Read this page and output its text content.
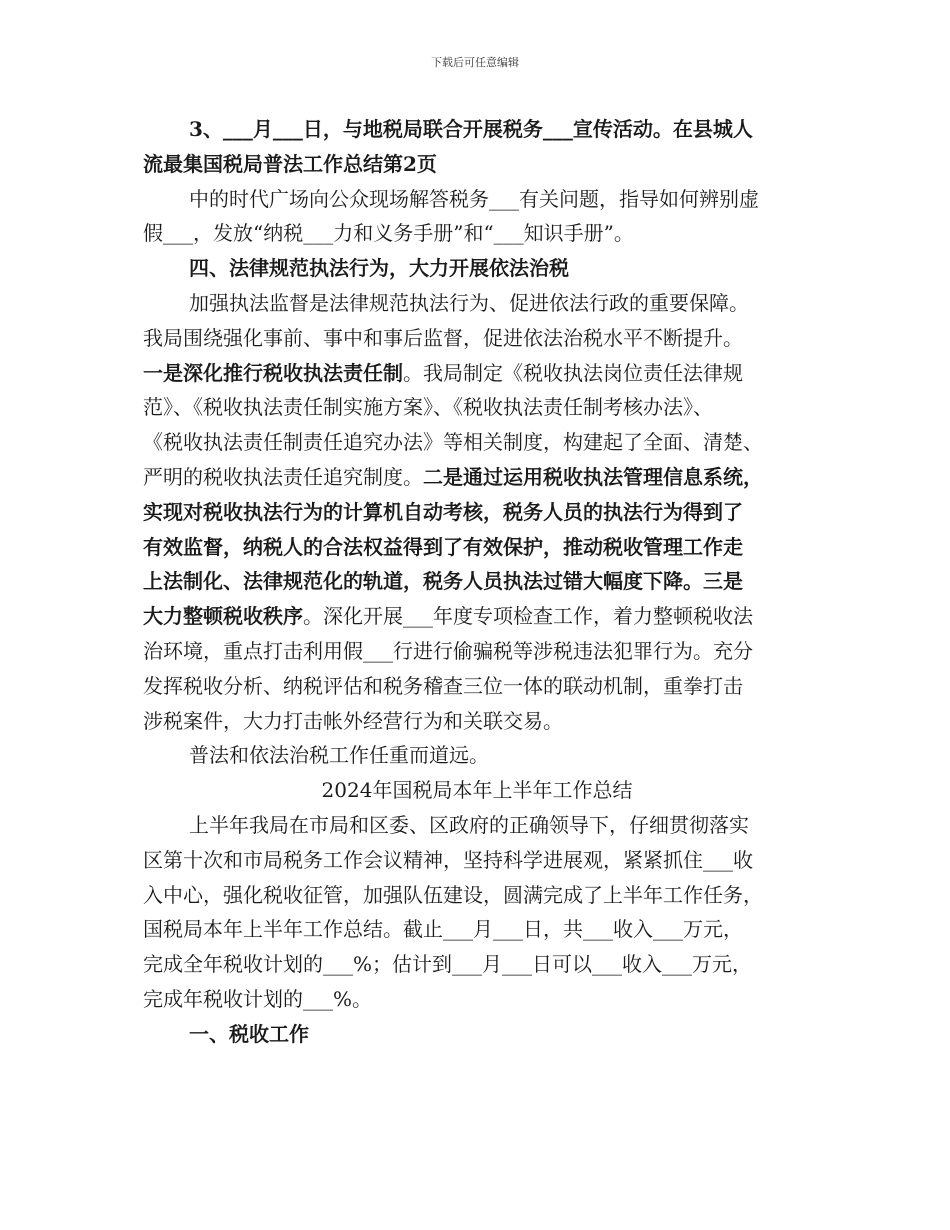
下载后可任意编辑
3、___月___日，与地税局联合开展税务___宣传活动。在县城人
流最集国税局普法工作总结第2页
中的时代广场向公众现场解答税务___有关问题，指导如何辨别虚
假___，发放“纳税___力和义务手册”和“___知识手册”。
四、法律规范执法行为，大力开展依法治税
加强执法监督是法律规范执法行为、促进依法行政的重要保障。
我局围绕强化事前、事中和事后监督，促进依法治税水平不断提升。
一是深化推行税收执法责任制。我局制定《税收执法岗位责任法律规
范》、《税收执法责任制实施方案》、《税收执法责任制考核办法》、
《税收执法责任制责任追究办法》等相关制度，构建起了全面、清楚、
严明的税收执法责任追究制度。二是通过运用税收执法管理信息系统，
实现对税收执法行为的计算机自动考核，税务人员的执法行为得到了
有效监督，纳税人的合法权益得到了有效保护，推动税收管理工作走
上法制化、法律规范化的轨道，税务人员执法过错大幅度下降。三是
大力整顿税收秩序。深化开展___年度专项检查工作，着力整顿税收法
治环境，重点打击利用假___行进行偷骗税等涉税违法犯罪行为。充分
发挥税收分析、纳税评估和税务稽查三位一体的联动机制，重拳打击
涉税案件，大力打击帐外经营行为和关联交易。
普法和依法治税工作任重而道远。
2024年国税局本年上半年工作总结
上半年我局在市局和区委、区政府的正确领导下，仔细贯彻落实
区第十次和市局税务工作会议精神，坚持科学进展观，紧紧抓住___收
入中心，强化税收征管，加强队伍建设，圆满完成了上半年工作任务，
国税局本年上半年工作总结。截止___月___日，共___收入___万元，
完成全年税收计划的___%；估计到___月___日可以___收入___万元，
完成年税收计划的___%。
一、税收工作
